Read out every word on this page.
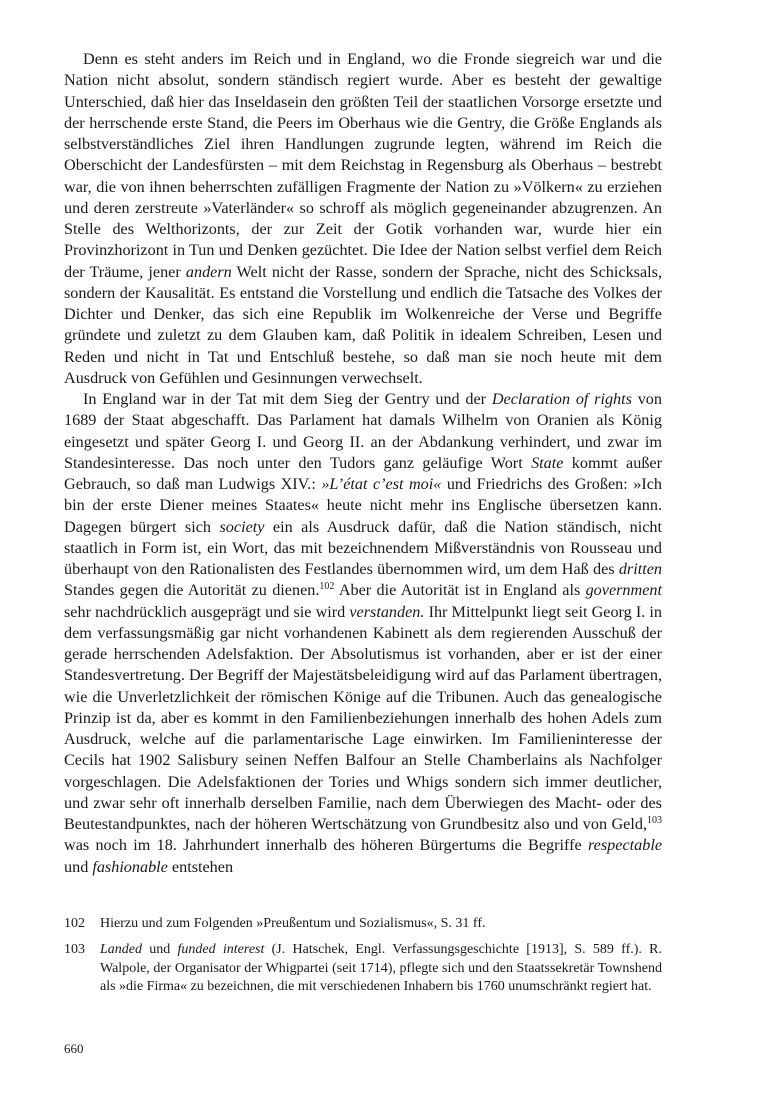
Denn es steht anders im Reich und in England, wo die Fronde siegreich war und die Nation nicht absolut, sondern ständisch regiert wurde. Aber es besteht der gewaltige Unterschied, daß hier das Inseldasein den größten Teil der staatlichen Vorsorge ersetzte und der herrschende erste Stand, die Peers im Oberhaus wie die Gentry, die Größe Englands als selbstverständliches Ziel ihren Handlungen zugrunde legten, während im Reich die Oberschicht der Landesfürsten – mit dem Reichstag in Regensburg als Oberhaus – bestrebt war, die von ihnen beherrschten zufälligen Fragmente der Nation zu »Völkern« zu erziehen und deren zerstreute »Vaterländer« so schroff als möglich gegeneinander abzugrenzen. An Stelle des Welthorizonts, der zur Zeit der Gotik vorhanden war, wurde hier ein Provinzhorizont in Tun und Denken gezüchtet. Die Idee der Nation selbst verfiel dem Reich der Träume, jener andern Welt nicht der Rasse, sondern der Sprache, nicht des Schicksals, sondern der Kausalität. Es entstand die Vorstellung und endlich die Tatsache des Volkes der Dichter und Denker, das sich eine Republik im Wolkenreiche der Verse und Begriffe gründete und zuletzt zu dem Glauben kam, daß Politik in idealem Schreiben, Lesen und Reden und nicht in Tat und Entschluß bestehe, so daß man sie noch heute mit dem Ausdruck von Gefühlen und Gesinnungen verwechselt.

In England war in der Tat mit dem Sieg der Gentry und der Declaration of rights von 1689 der Staat abgeschafft. Das Parlament hat damals Wilhelm von Oranien als König eingesetzt und später Georg I. und Georg II. an der Abdankung verhindert, und zwar im Standesinteresse. Das noch unter den Tudors ganz geläufige Wort State kommt außer Gebrauch, so daß man Ludwigs XIV.: »L’état c’est moi« und Friedrichs des Großen: »Ich bin der erste Diener meines Staates« heute nicht mehr ins Englische übersetzen kann. Dagegen bürgert sich society ein als Ausdruck dafür, daß die Nation ständisch, nicht staatlich in Form ist, ein Wort, das mit bezeichnendem Mißverständnis von Rousseau und überhaupt von den Rationalisten des Festlandes übernommen wird, um dem Haß des dritten Standes gegen die Autorität zu dienen.$^{102}$ Aber die Autorität ist in England als government sehr nachdrücklich ausgeprägt und sie wird verstanden. Ihr Mittelpunkt liegt seit Georg I. in dem verfassungsmäßig gar nicht vorhandenen Kabinett als dem regierenden Ausschuß der gerade herrschenden Adelsfaktion. Der Absolutismus ist vorhanden, aber er ist der einer Standesvertretung. Der Begriff der Majestätsbeleidigung wird auf das Parlament übertragen, wie die Unverletzlichkeit der römischen Könige auf die Tribunen. Auch das genealogische Prinzip ist da, aber es kommt in den Familienbeziehungen innerhalb des hohen Adels zum Ausdruck, welche auf die parlamentarische Lage einwirken. Im Familieninteresse der Cecils hat 1902 Salisbury seinen Neffen Balfour an Stelle Chamberlains als Nachfolger vorgeschlagen. Die Adelsfaktionen der Tories und Whigs sondern sich immer deutlicher, und zwar sehr oft innerhalb derselben Familie, nach dem Überwiegen des Macht- oder des Beutestandpunktes, nach der höheren Wertschätzung von Grundbesitz also und von Geld,$^{103}$ was noch im 18. Jahrhundert innerhalb des höheren Bürgertums die Begriffe respectable und fashionable entstehen

102	Hierzu und zum Folgenden »Preußentum und Sozialismus«, S. 31 ff.
103	Landed und funded interest (J. Hatschek, Engl. Verfassungsgeschichte [1913], S. 589 ff.). R. Walpole, der Organisator der Whigpartei (seit 1714), pflegte sich und den Staatssekretär Townshend als »die Firma« zu bezeichnen, die mit verschiedenen Inhabern bis 1760 unumschränkt regiert hat.
660
